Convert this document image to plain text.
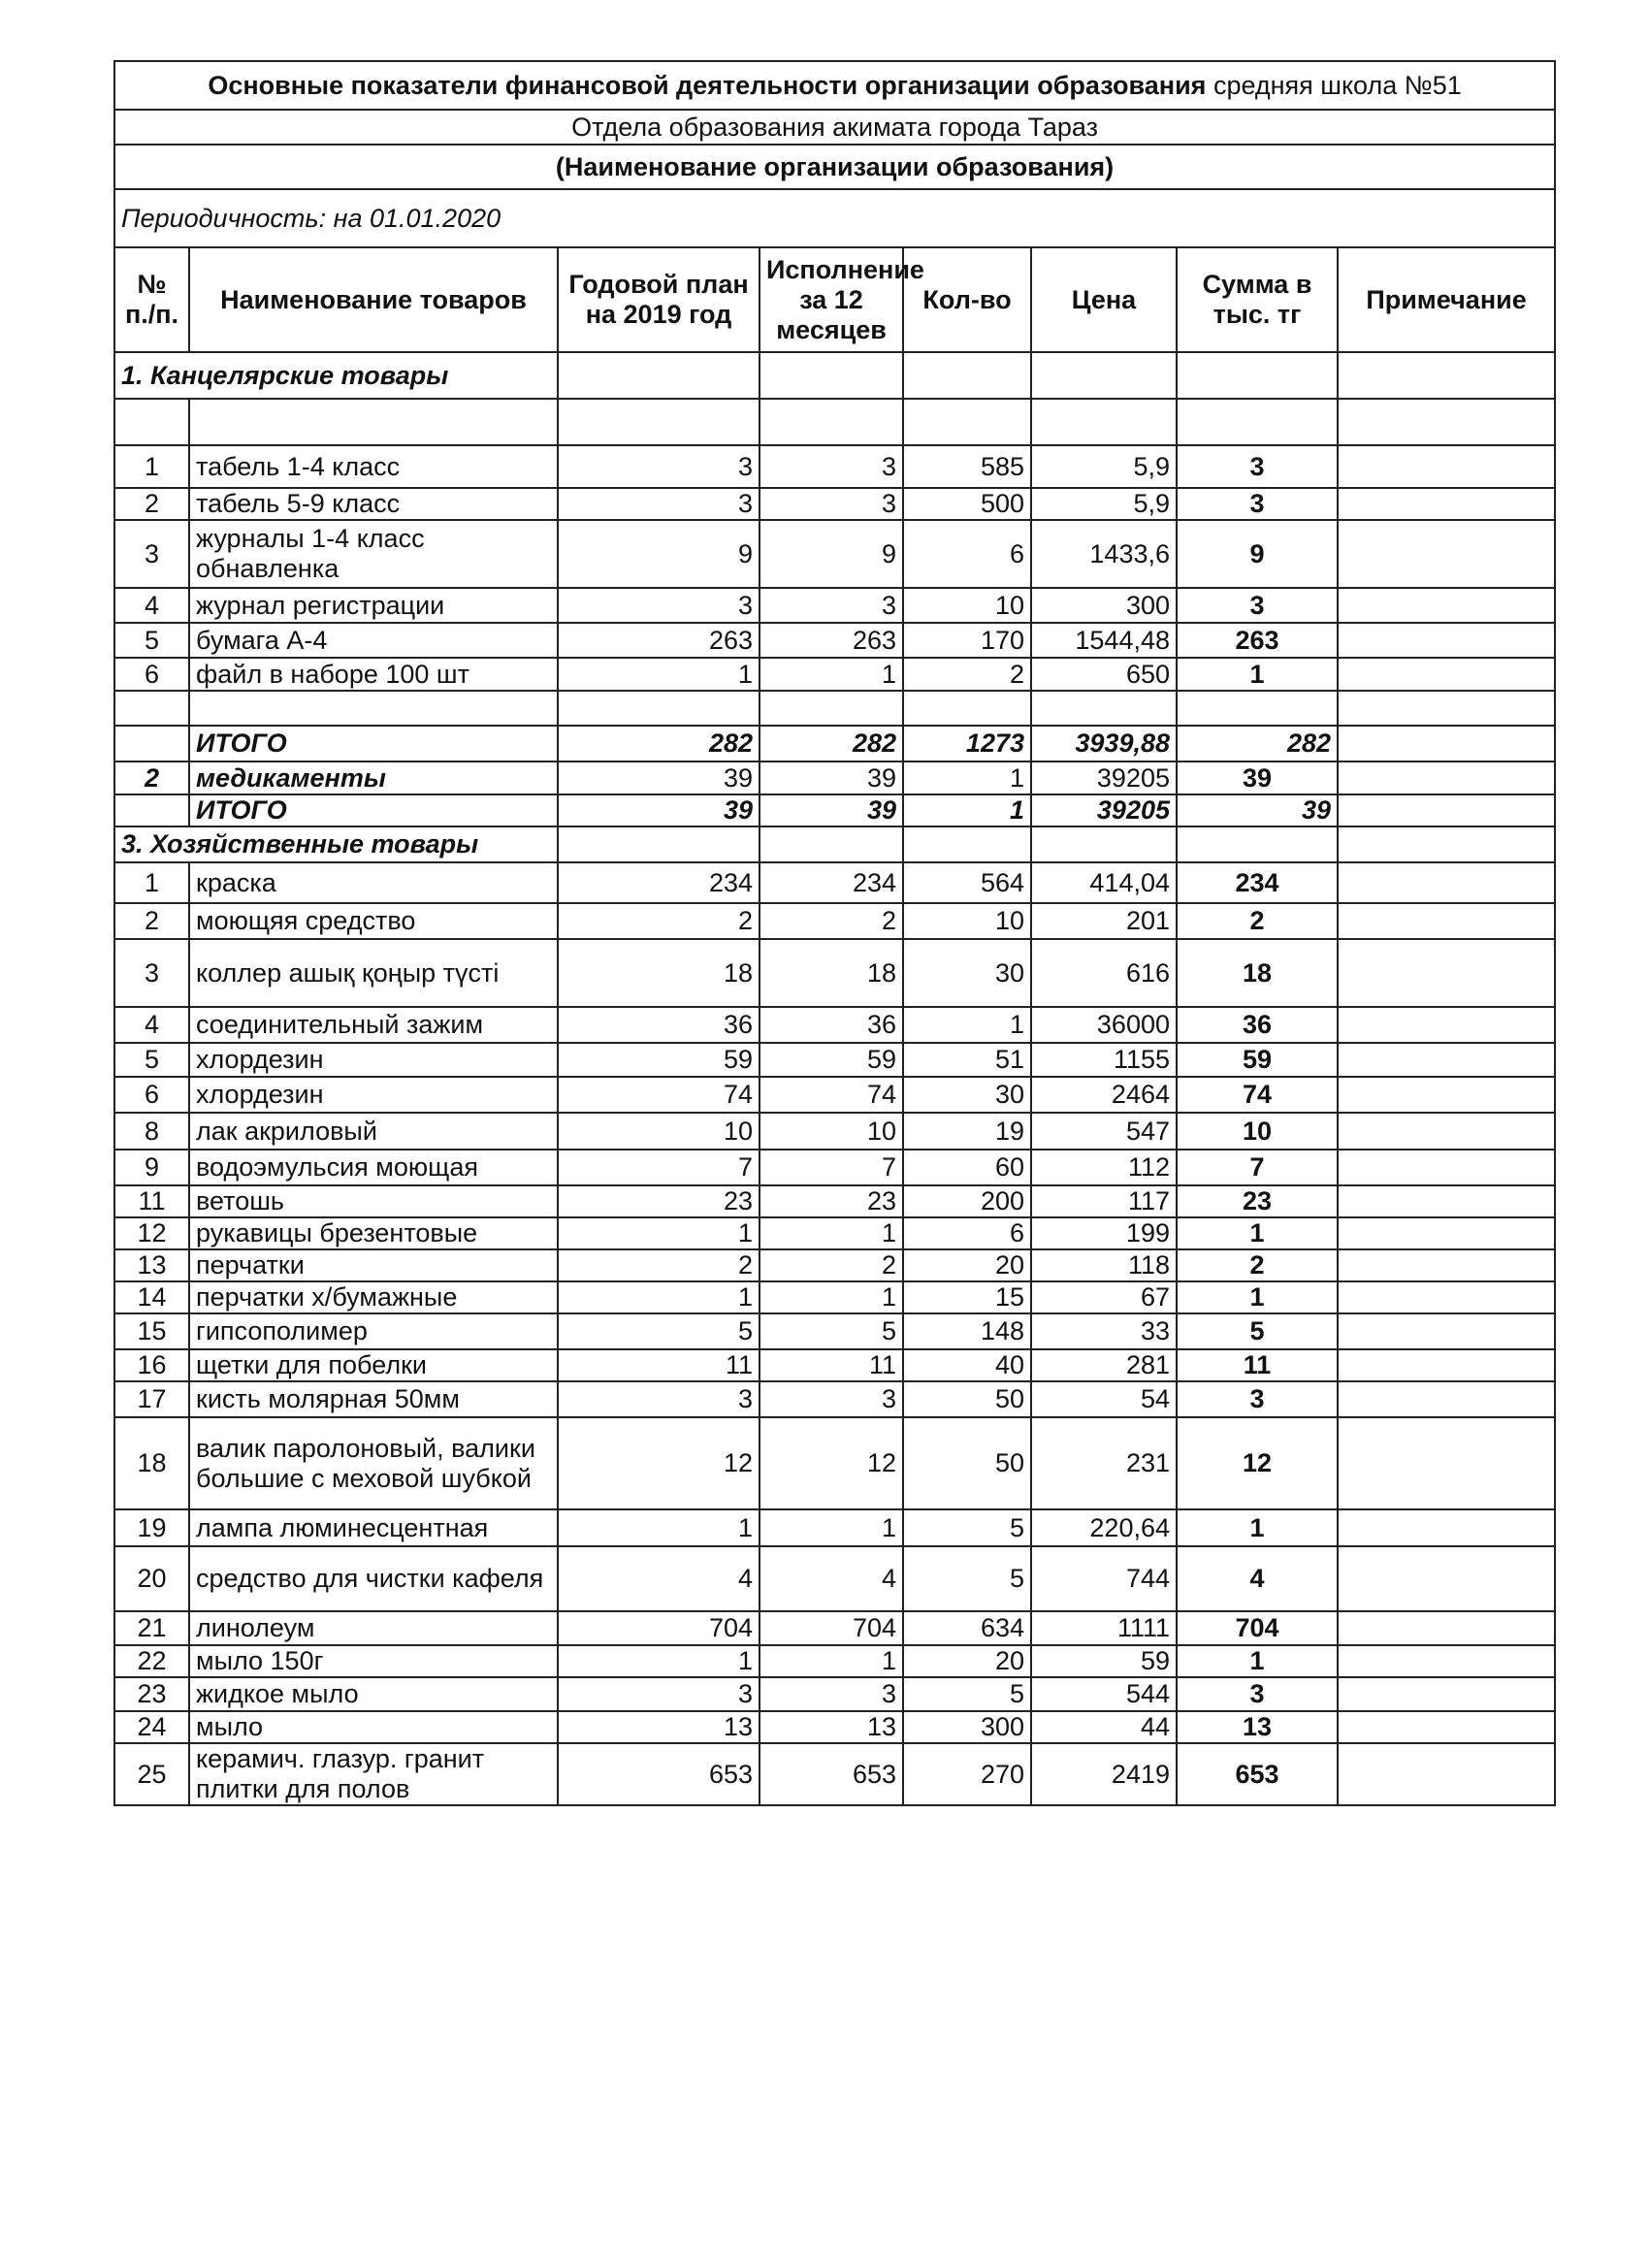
Основные показатели финансовой деятельности организации образования средняя школа №51							
Отдела образования акимата города Тараз							
(Наименование организации образования)							
Периодичность: на 01.01.2020							
№ п./п.	Наименование товаров	Годовой план на 2019 год	Исполнение за 12 месяцев	Кол-во	Цена	Сумма в тыс. тг	Примечание
1. Канцелярские товары							

1	табель 1-4 класс	3	3	585	5,9	3	
2	табель 5-9 класс	3	3	500	5,9	3	
3	журналы 1-4 класс обнавленка	9	9	6	1433,6	9	
4	журнал регистрации	3	3	10	300	3	
5	бумага А-4	263	263	170	1544,48	263	
6	файл в наборе 100 шт	1	1	2	650	1	

	ИТОГО	282	282	1273	3939,88	282	
2	медикаменты	39	39	1	39205	39	
	ИТОГО	39	39	1	39205	39	
3. Хозяйственные товары							
1	краска	234	234	564	414,04	234	
2	моющяя средство	2	2	10	201	2	
3	коллер ашық қоңыр түсті	18	18	30	616	18	
4	соединительный зажим	36	36	1	36000	36	
5	хлордезин	59	59	51	1155	59	
6	хлордезин	74	74	30	2464	74	
8	лак акриловый	10	10	19	547	10	
9	водоэмульсия моющая	7	7	60	112	7	
11	ветошь	23	23	200	117	23	
12	рукавицы брезентовые	1	1	6	199	1	
13	перчатки	2	2	20	118	2	
14	перчатки х/бумажные	1	1	15	67	1	
15	гипсополимер	5	5	148	33	5	
16	щетки для побелки	11	11	40	281	11	
17	кисть молярная 50мм	3	3	50	54	3	
18	валик паролоновый, валики большие с меховой шубкой	12	12	50	231	12	
19	лампа люминесцентная	1	1	5	220,64	1	
20	средство для чистки кафеля	4	4	5	744	4	
21	линолеум	704	704	634	1111	704	
22	мыло 150г	1	1	20	59	1	
23	жидкое мыло	3	3	5	544	3	
24	мыло	13	13	300	44	13	
25	керамич. глазур. гранит плитки для полов	653	653	270	2419	653	
